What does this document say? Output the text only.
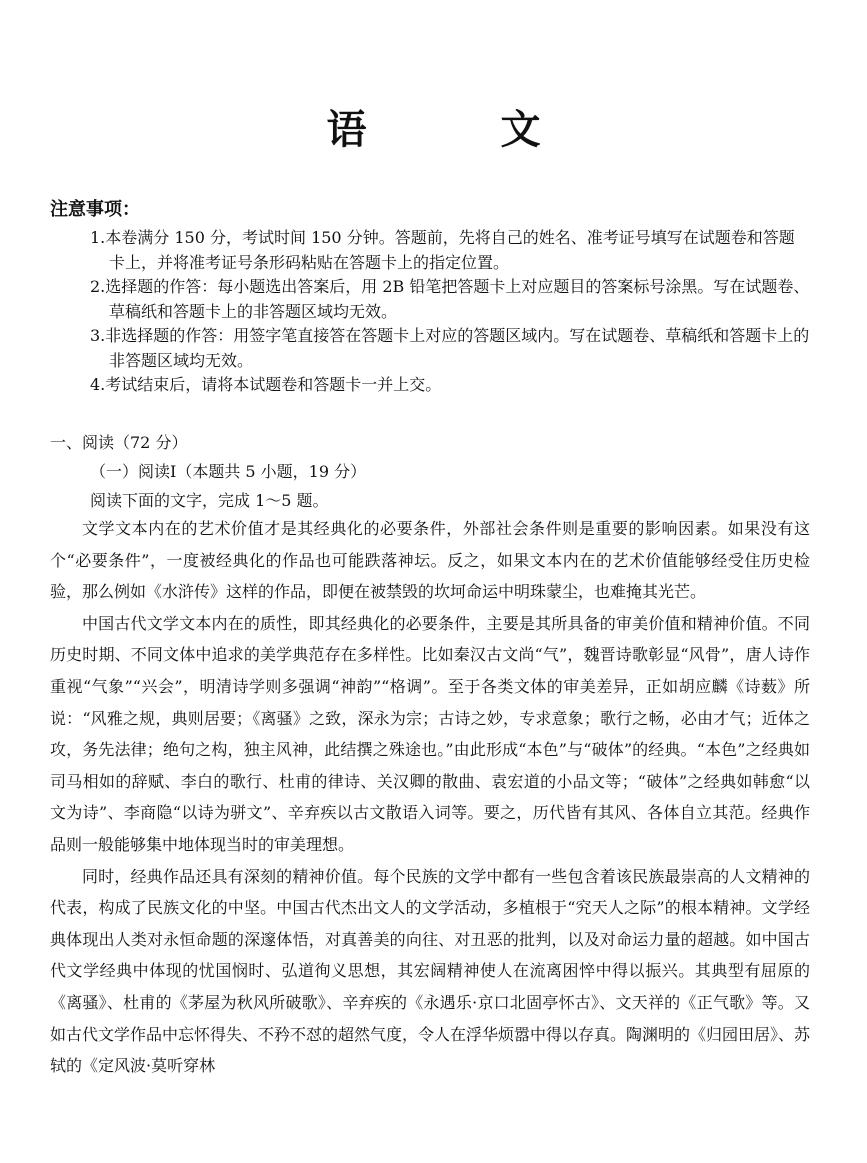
语 文
注意事项：

1.本卷满分 150 分，考试时间 150 分钟。答题前，先将自己的姓名、准考证号填写在试题卷和答题卡上，并将准考证号条形码粘贴在答题卡上的指定位置。

2.选择题的作答：每小题选出答案后，用 2B 铅笔把答题卡上对应题目的答案标号涂黑。写在试题卷、草稿纸和答题卡上的非答题区域均无效。

3.非选择题的作答：用签字笔直接答在答题卡上对应的答题区域内。写在试题卷、草稿纸和答题卡上的非答题区域均无效。

4.考试结束后，请将本试题卷和答题卡一并上交。

一、阅读（72 分）
（一）阅读Ⅰ（本题共 5 小题，19 分）
阅读下面的文字，完成 1～5 题。

文学文本内在的艺术价值才是其经典化的必要条件，外部社会条件则是重要的影响因素。如果没有这个“必要条件”，一度被经典化的作品也可能跌落神坛。反之，如果文本内在的艺术价值能够经受住历史检验，那么例如《水浒传》这样的作品，即便在被禁毁的坎坷命运中明珠蒙尘，也难掩其光芒。

中国古代文学文本内在的质性，即其经典化的必要条件，主要是其所具备的审美价值和精神价值。不同历史时期、不同文体中追求的美学典范存在多样性。比如秦汉古文尚“气”，魏晋诗歌彰显“风骨”，唐人诗作重视“气象”“兴会”，明清诗学则多强调“神韵”“格调”。至于各类文体的审美差异，正如胡应麟《诗薮》所说：“风雅之规，典则居要；《离骚》之致，深永为宗；古诗之妙，专求意象；歌行之畅，必由才气；近体之攻，务先法律；绝句之构，独主风神，此结撰之殊途也。”由此形成“本色”与“破体”的经典。“本色”之经典如司马相如的辞赋、李白的歌行、杜甫的律诗、关汉卿的散曲、袁宏道的小品文等；“破体”之经典如韩愈“以文为诗”、李商隐“以诗为骈文”、辛弃疾以古文散语入词等。要之，历代皆有其风、各体自立其范。经典作品则一般能够集中地体现当时的审美理想。

同时，经典作品还具有深刻的精神价值。每个民族的文学中都有一些包含着该民族最崇高的人文精神的代表，构成了民族文化的中坚。中国古代杰出文人的文学活动，多植根于“究天人之际”的根本精神。文学经典体现出人类对永恒命题的深邃体悟，对真善美的向往、对丑恶的批判，以及对命运力量的超越。如中国古代文学经典中体现的忧国悯时、弘道徇义思想，其宏阔精神使人在流离困悴中得以振兴。其典型有屈原的《离骚》、杜甫的《茅屋为秋风所破歌》、辛弃疾的《永遇乐·京口北固亭怀古》、文天祥的《正气歌》等。又如古代文学作品中忘怀得失、不矜不怼的超然气度，令人在浮华烦嚣中得以存真。陶渊明的《归园田居》、苏轼的《定风波·莫听穿林
